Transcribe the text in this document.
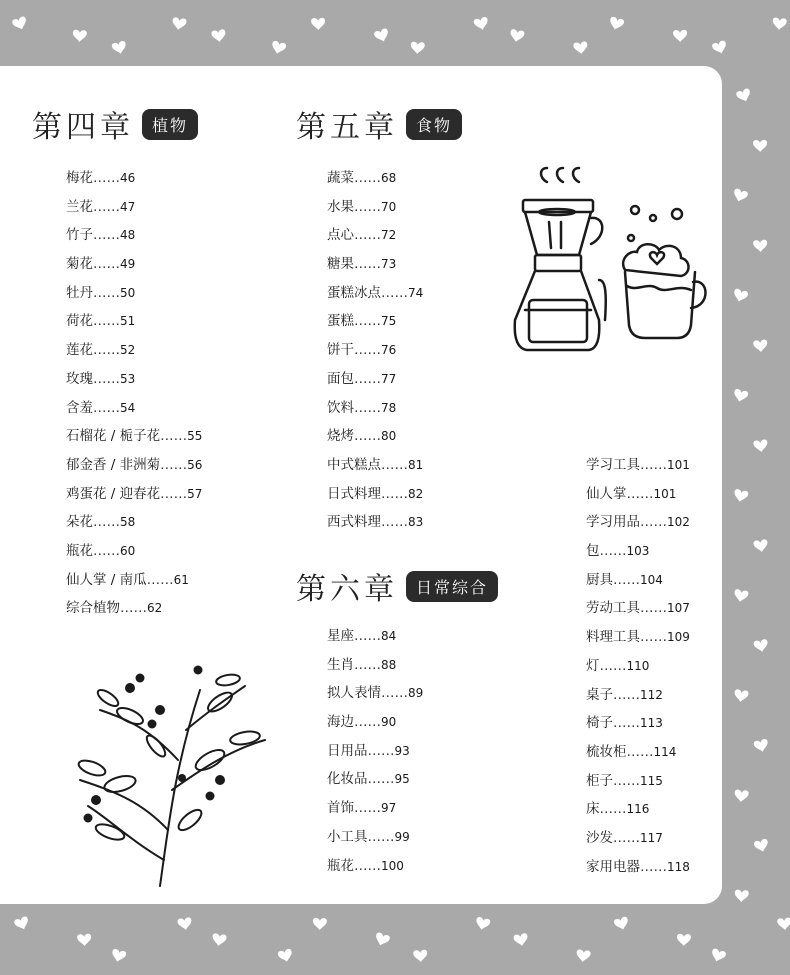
第四章	植物
梅花……46
兰花……47
竹子……48
菊花……49
牡丹……50
荷花……51
莲花……52
玫瑰……53
含羞……54
石榴花 / 栀子花……55
郁金香 / 非洲菊……56
鸡蛋花 / 迎春花……57
朵花……58
瓶花……60
仙人掌 / 南瓜……61
综合植物……62
第五章	食物
蔬菜……68
水果……70
点心……72
糖果……73
蛋糕冰点……74
蛋糕……75
饼干……76
面包……77
饮料……78
烧烤……80
中式糕点……81
日式料理……82
西式料理……83
第六章	日常综合
星座……84
生肖……88
拟人表情……89
海边……90
日用品……93
化妆品……95
首饰……97
小工具……99
瓶花……100
学习工具……101
仙人掌……101
学习用品……102
包……103
厨具……104
劳动工具……107
料理工具……109
灯……110
桌子……112
椅子……113
梳妆柜……114
柜子……115
床……116
沙发……117
家用电器……118
